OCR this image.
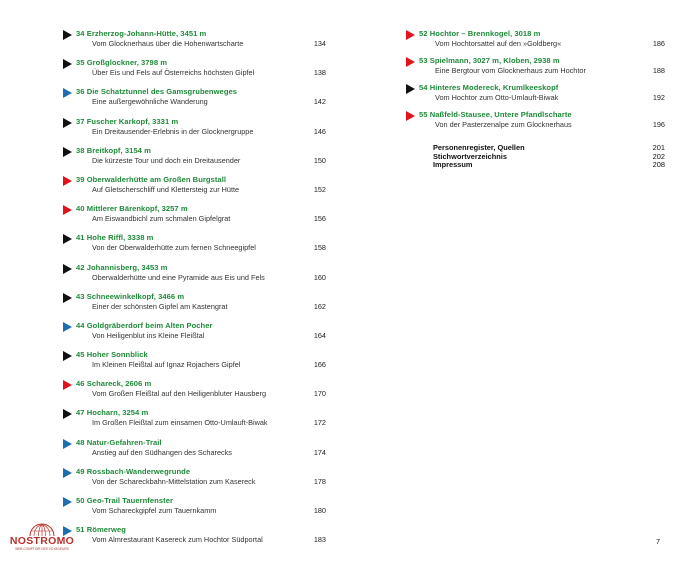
34 Erzherzog-Johann-Hütte, 3451 m
Vom Glocknerhaus über die Hohenwartscharte	134
35 Großglockner, 3798 m
Über Eis und Fels auf Österreichs höchsten Gipfel	138
36 Die Schatztunnel des Gamsgrubenweges
Eine außergewöhnliche Wanderung	142
37 Fuscher Karkopf, 3331 m
Ein Dreitausender-Erlebnis in der Glocknergruppe	146
38 Breitkopf, 3154 m
Die kürzeste Tour und doch ein Dreitausender	150
39 Oberwalderhütte am Großen Burgstall
Auf Gletscherschliff und Klettersteig zur Hütte	152
40 Mittlerer Bärenkopf, 3257 m
Am Eiswandbichl zum schmalen Gipfelgrat	156
41 Hohe Riffl, 3338 m
Von der Oberwalderhütte zum fernen Schneegipfel	158
42 Johannisberg, 3453 m
Oberwalderhütte und eine Pyramide aus Eis und Fels	160
43 Schneewinkelkopf, 3466 m
Einer der schönsten Gipfel am Kastengrat	162
44 Goldgräberdorf beim Alten Pocher
Von Heiligenblut ins Kleine Fleißtal	164
45 Hoher Sonnblick
Im Kleinen Fleißtal auf Ignaz Rojachers Gipfel	166
46 Schareck, 2606 m
Vom Großen Fleißtal auf den Heiligenbluter Hausberg	170
47 Hocharn, 3254 m
Im Großen Fleißtal zum einsamen Otto-Umlauft-Biwak	172
48 Natur-Gefahren-Trail
Anstieg auf den Südhangen des Scharecks	174
49 Rossbach-Wanderwegrunde
Von der Schareckbahn-Mittelstation zum Kasereck	178
50 Geo-Trail Tauernfenster
Vom Schareckgipfel zum Tauernkamm	180
51 Römerweg
Vom Almrestaurant Kasereck zum Hochtor Südportal	183
52 Hochtor – Brennkogel, 3018 m
Vom Hochtorsattel auf den »Goldberg«	186
53 Spielmann, 3027 m, Kloben, 2938 m
Eine Bergtour vom Glocknerhaus zum Hochtor	188
54 Hinteres Modereck, Krumlkeeskopf
Vom Hochtor zum Otto-Umlauft-Biwak	192
55 Naßfeld-Stausee, Untere Pfandlscharte
Von der Pasterzenalpe zum Glocknerhaus	196
Personenregister, Quellen	201
Stichwortverzeichnis	202
Impressum	208
7
NOSTROMO
WEB COMPTOIR DES VOYAGEURS
